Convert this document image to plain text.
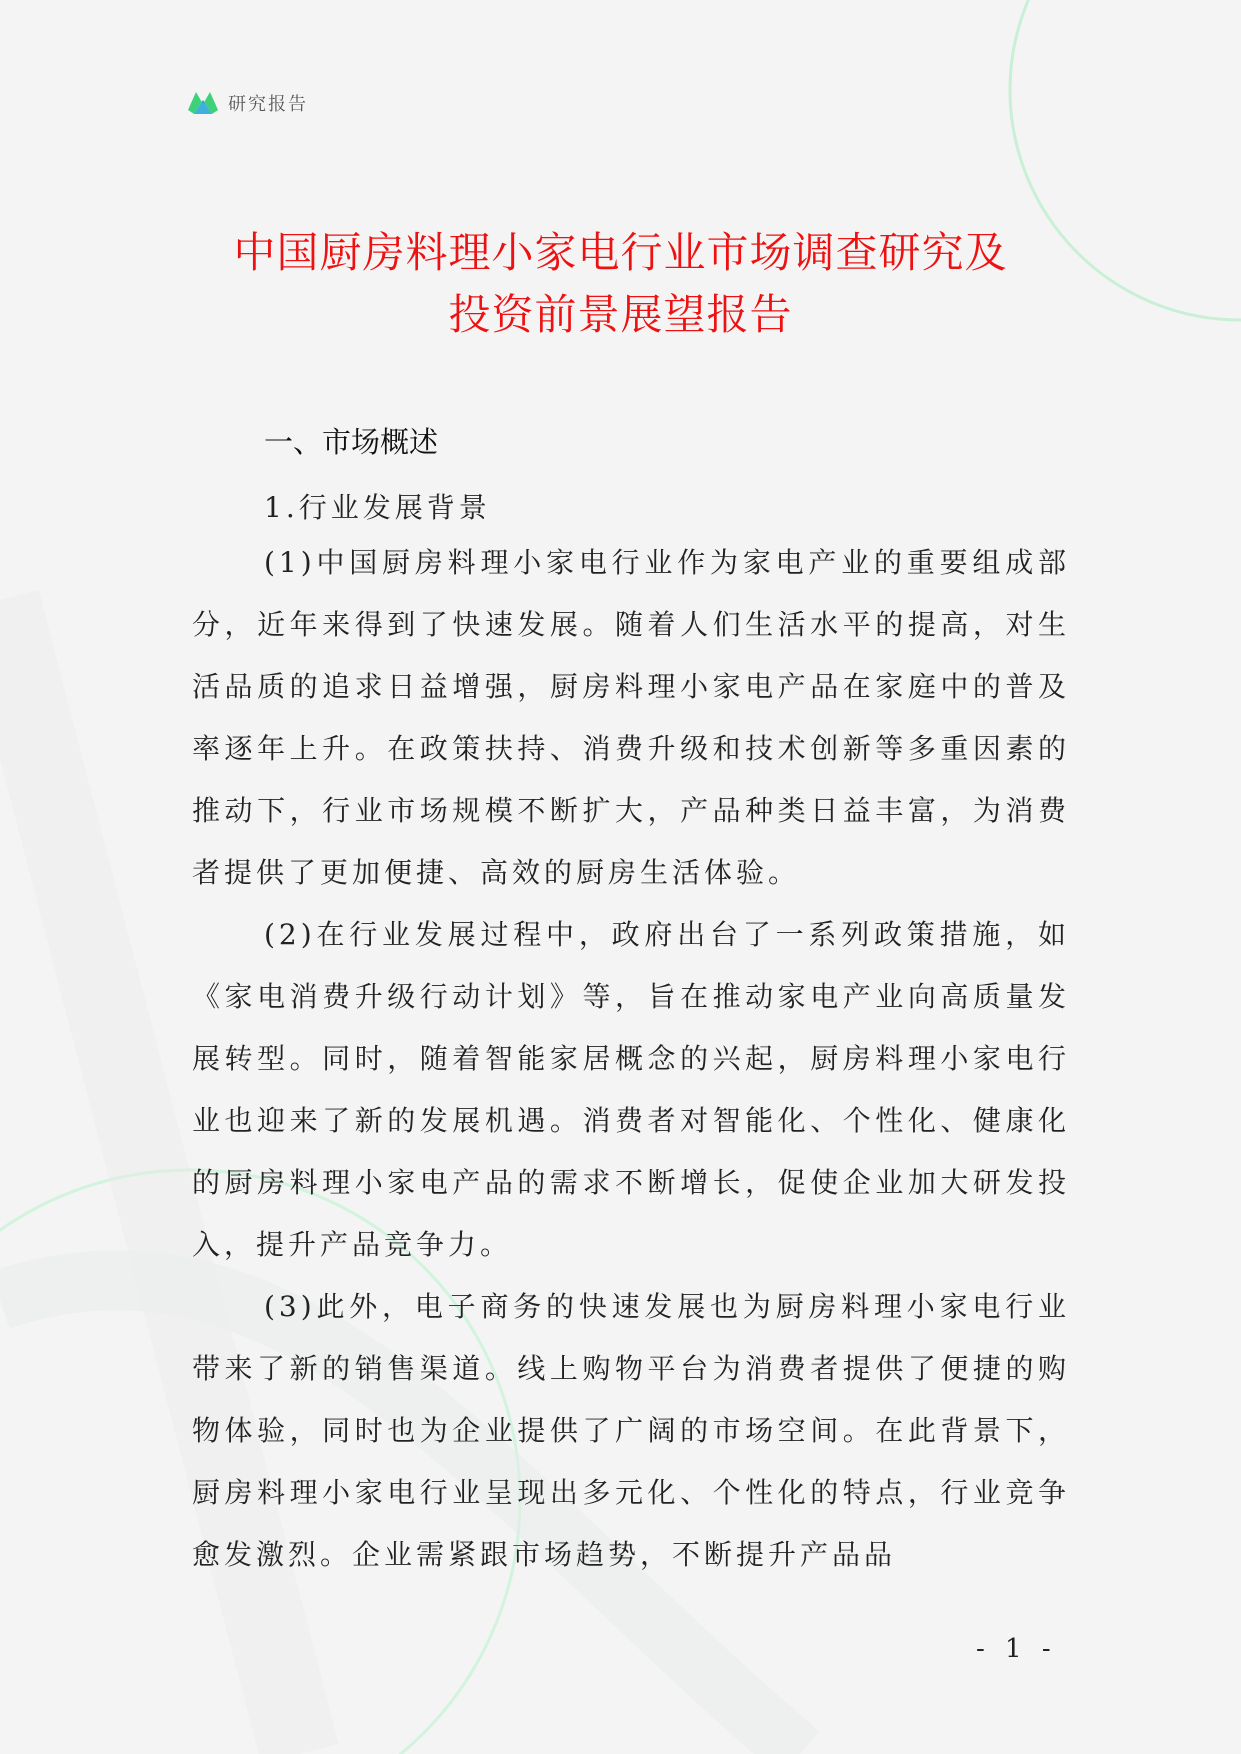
研究报告
中国厨房料理小家电行业市场调查研究及
投资前景展望报告
一、市场概述
1.行业发展背景

(1)中国厨房料理小家电行业作为家电产业的重要组成部分，近年来得到了快速发展。随着人们生活水平的提高，对生活品质的追求日益增强，厨房料理小家电产品在家庭中的普及率逐年上升。在政策扶持、消费升级和技术创新等多重因素的推动下，行业市场规模不断扩大，产品种类日益丰富，为消费者提供了更加便捷、高效的厨房生活体验。

(2)在行业发展过程中，政府出台了一系列政策措施，如《家电消费升级行动计划》等，旨在推动家电产业向高质量发展转型。同时，随着智能家居概念的兴起，厨房料理小家电行业也迎来了新的发展机遇。消费者对智能化、个性化、健康化的厨房料理小家电产品的需求不断增长，促使企业加大研发投入，提升产品竞争力。

(3)此外，电子商务的快速发展也为厨房料理小家电行业带来了新的销售渠道。线上购物平台为消费者提供了便捷的购物体验，同时也为企业提供了广阔的市场空间。在此背景下，厨房料理小家电行业呈现出多元化、个性化的特点，行业竞争愈发激烈。企业需紧跟市场趋势，不断提升产品品

- 1 -
